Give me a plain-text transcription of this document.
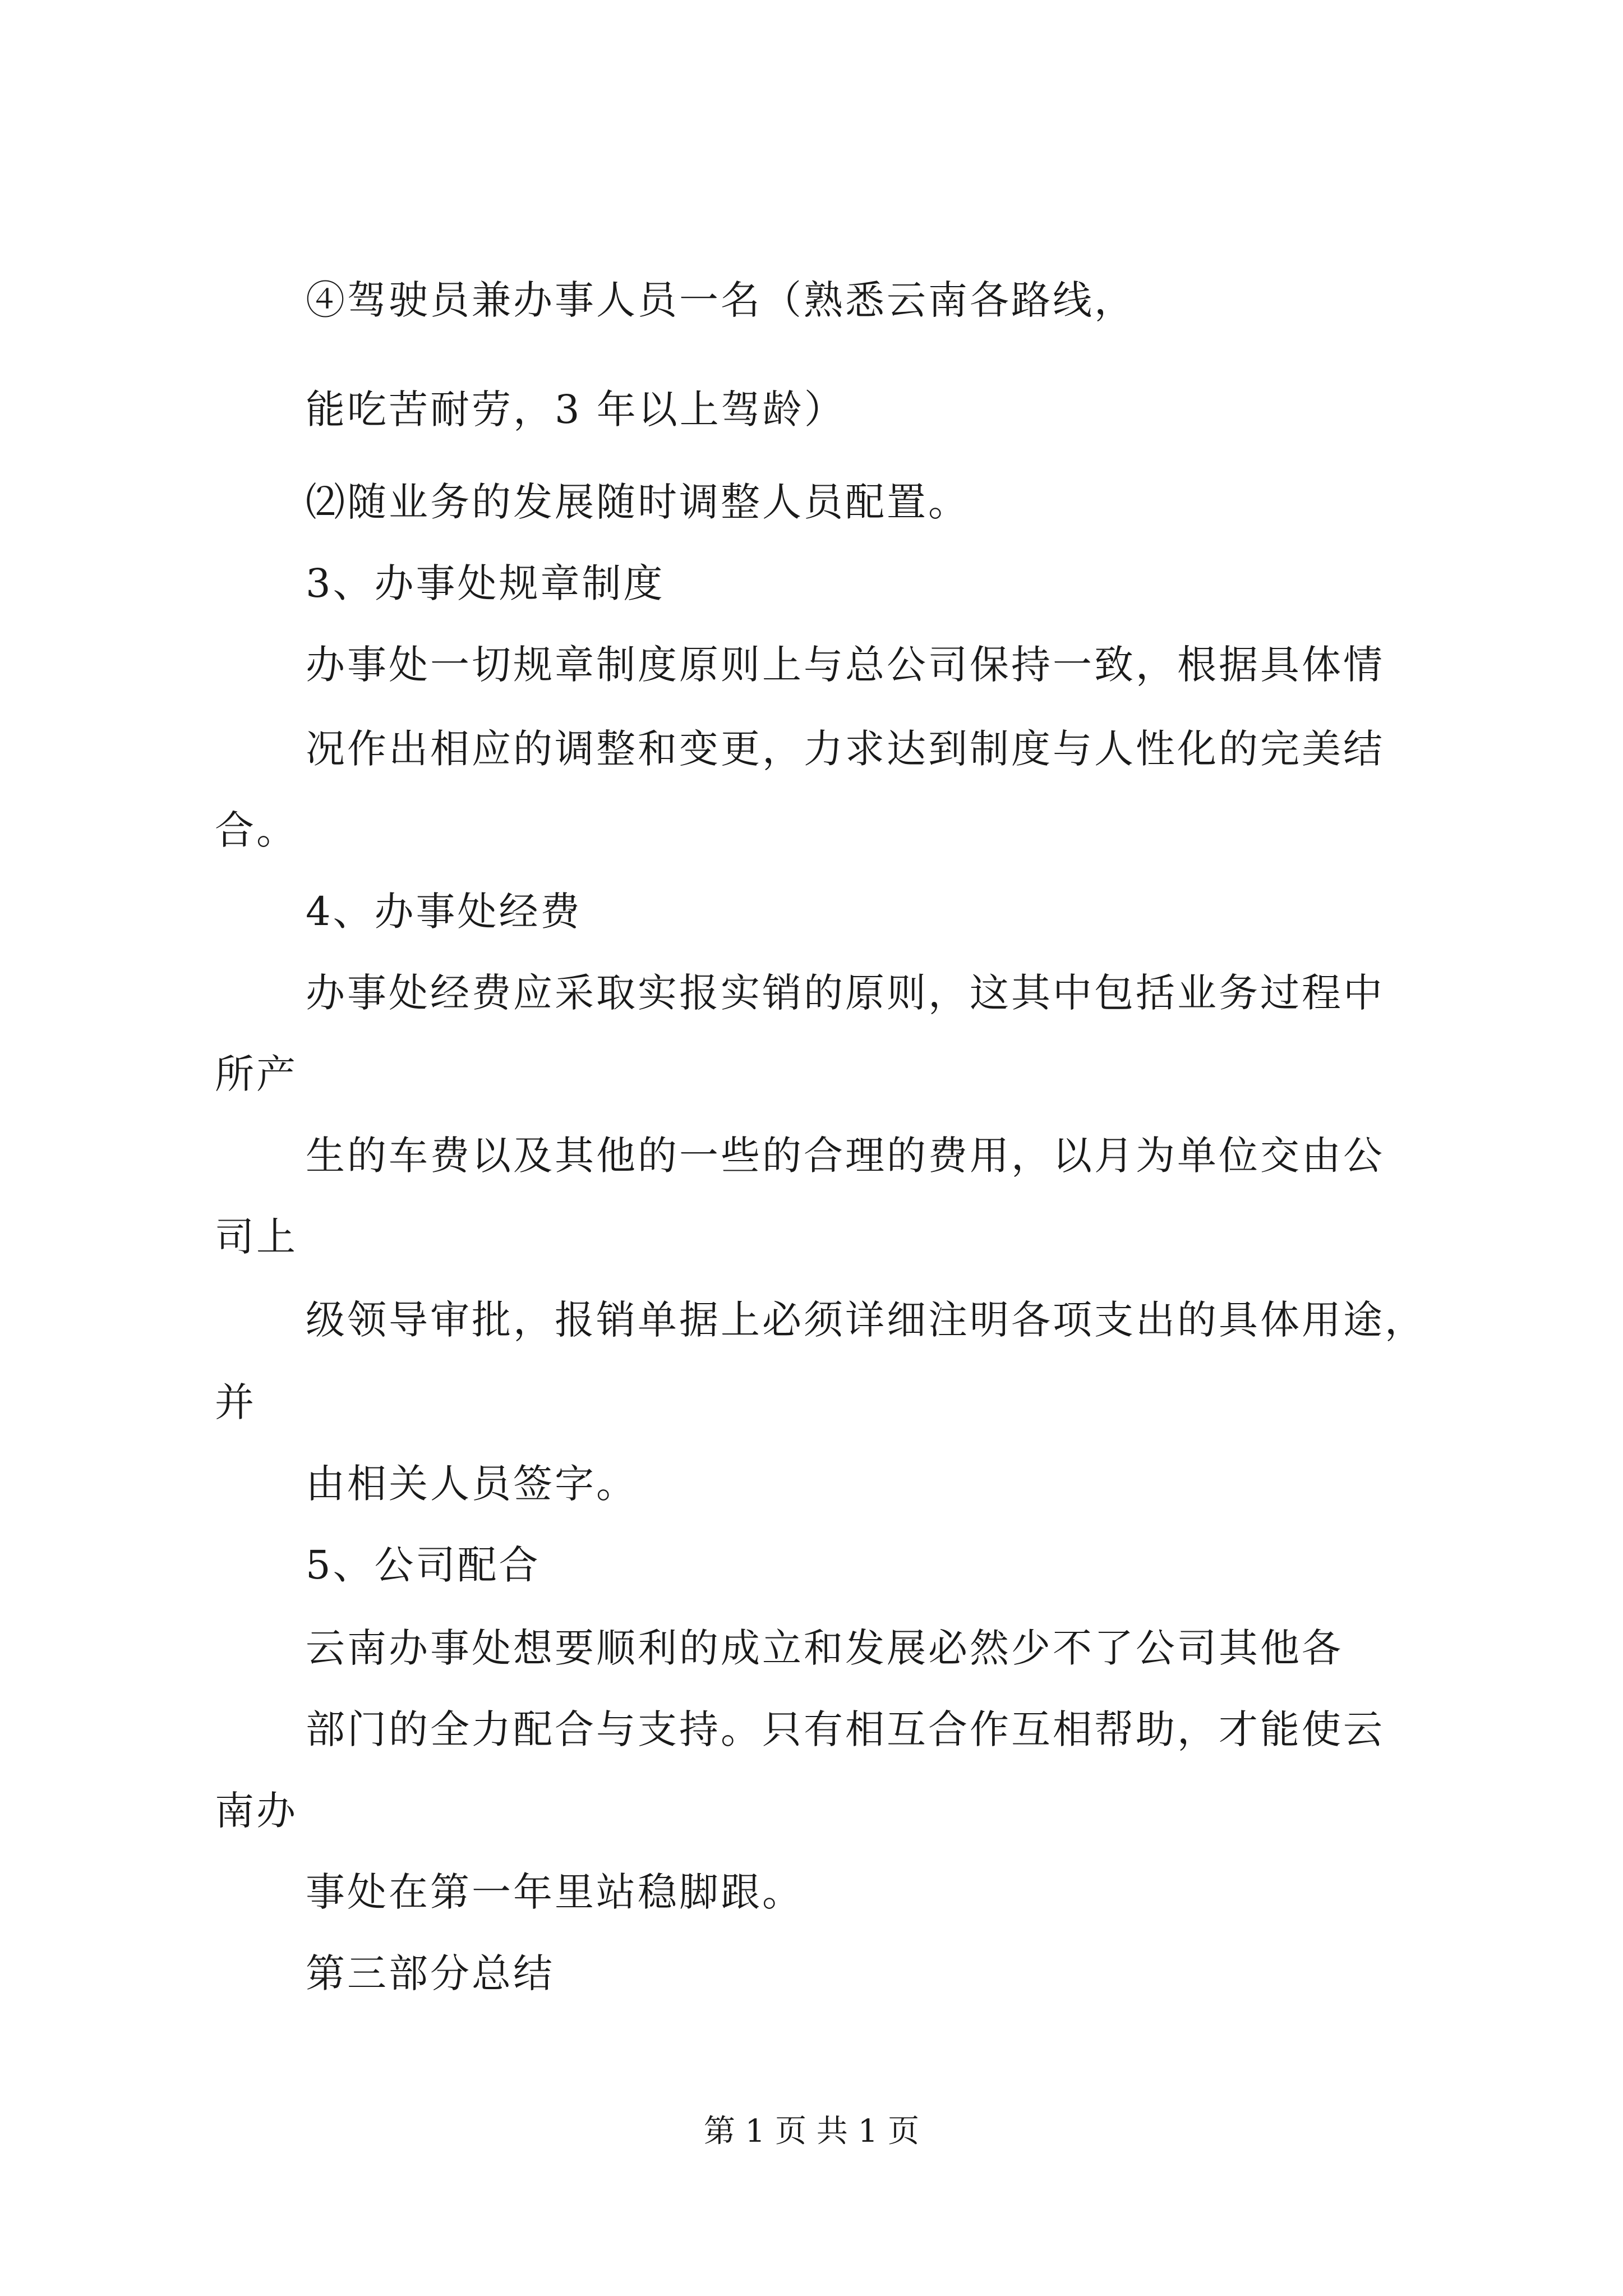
④驾驶员兼办事人员一名（熟悉云南各路线，
能吃苦耐劳，3 年以上驾龄）
⑵随业务的发展随时调整人员配置。
3、办事处规章制度
办事处一切规章制度原则上与总公司保持一致，根据具体情
况作出相应的调整和变更，力求达到制度与人性化的完美结
合。
4、办事处经费
办事处经费应采取实报实销的原则，这其中包括业务过程中
所产
生的车费以及其他的一些的合理的费用，以月为单位交由公
司上
级领导审批，报销单据上必须详细注明各项支出的具体用途，
并
由相关人员签字。
5、公司配合
云南办事处想要顺利的成立和发展必然少不了公司其他各
部门的全力配合与支持。只有相互合作互相帮助，才能使云
南办
事处在第一年里站稳脚跟。
第三部分总结
第 1 页 共 1 页
